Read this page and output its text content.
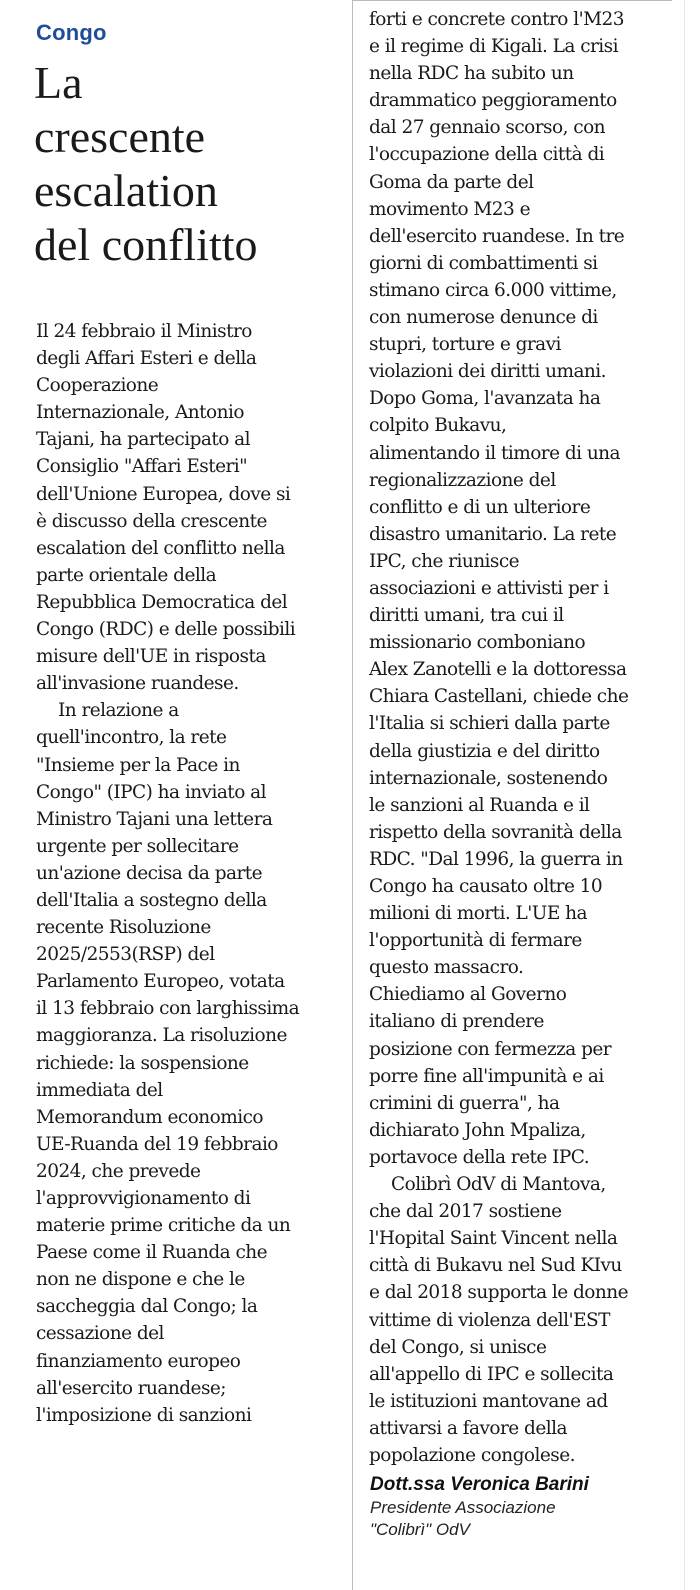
Congo
La
crescente
escalation
del conflitto
Il 24 febbraio il Ministro
degli Affari Esteri e della
Cooperazione
Internazionale, Antonio
Tajani, ha partecipato al
Consiglio "Affari Esteri"
dell'Unione Europea, dove si
è discusso della crescente
escalation del conflitto nella
parte orientale della
Repubblica Democratica del
Congo (RDC) e delle possibili
misure dell'UE in risposta
all'invasione ruandese.
In relazione a
quell'incontro, la rete
"Insieme per la Pace in
Congo" (IPC) ha inviato al
Ministro Tajani una lettera
urgente per sollecitare
un'azione decisa da parte
dell'Italia a sostegno della
recente Risoluzione
2025/2553(RSP) del
Parlamento Europeo, votata
il 13 febbraio con larghissima
maggioranza. La risoluzione
richiede: la sospensione
immediata del
Memorandum economico
UE-Ruanda del 19 febbraio
2024, che prevede
l'approvvigionamento di
materie prime critiche da un
Paese come il Ruanda che
non ne dispone e che le
saccheggia dal Congo; la
cessazione del
finanziamento europeo
all'esercito ruandese;
l'imposizione di sanzioni
forti e concrete contro l'M23
e il regime di Kigali. La crisi
nella RDC ha subito un
drammatico peggioramento
dal 27 gennaio scorso, con
l'occupazione della città di
Goma da parte del
movimento M23 e
dell'esercito ruandese. In tre
giorni di combattimenti si
stimano circa 6.000 vittime,
con numerose denunce di
stupri, torture e gravi
violazioni dei diritti umani.
Dopo Goma, l'avanzata ha
colpito Bukavu,
alimentando il timore di una
regionalizzazione del
conflitto e di un ulteriore
disastro umanitario. La rete
IPC, che riunisce
associazioni e attivisti per i
diritti umani, tra cui il
missionario comboniano
Alex Zanotelli e la dottoressa
Chiara Castellani, chiede che
l'Italia si schieri dalla parte
della giustizia e del diritto
internazionale, sostenendo
le sanzioni al Ruanda e il
rispetto della sovranità della
RDC. "Dal 1996, la guerra in
Congo ha causato oltre 10
milioni di morti. L'UE ha
l'opportunità di fermare
questo massacro.
Chiediamo al Governo
italiano di prendere
posizione con fermezza per
porre fine all'impunità e ai
crimini di guerra", ha
dichiarato John Mpaliza,
portavoce della rete IPC.
Colibrì OdV di Mantova,
che dal 2017 sostiene
l'Hopital Saint Vincent nella
città di Bukavu nel Sud KIvu
e dal 2018 supporta le donne
vittime di violenza dell'EST
del Congo, si unisce
all'appello di IPC e sollecita
le istituzioni mantovane ad
attivarsi a favore della
popolazione congolese.
Dott.ssa Veronica Barini
Presidente Associazione
"Colibrì" OdV
